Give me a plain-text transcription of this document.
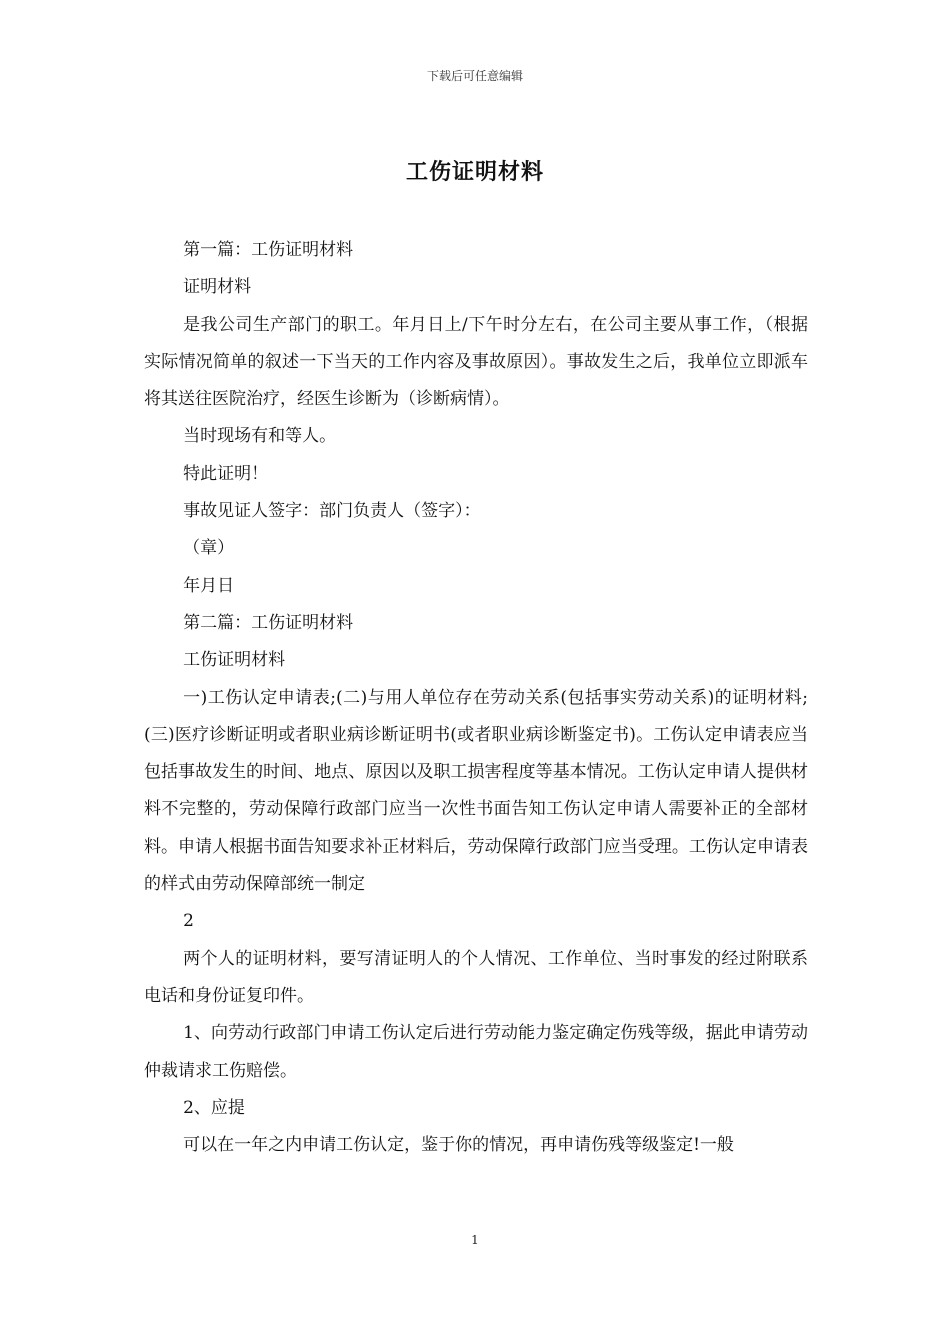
下载后可任意编辑
工伤证明材料

第一篇：工伤证明材料

证明材料

是我公司生产部门的职工。年月日上/下午时分左右，在公司主要从事工作，（根据实际情况简单的叙述一下当天的工作内容及事故原因）。事故发生之后，我单位立即派车将其送往医院治疗，经医生诊断为（诊断病情）。

当时现场有和等人。

特此证明！

事故见证人签字：部门负责人（签字）：

（章）

年月日

第二篇：工伤证明材料

工伤证明材料

一)工伤认定申请表;(二)与用人单位存在劳动关系(包括事实劳动关系)的证明材料;(三)医疗诊断证明或者职业病诊断证明书(或者职业病诊断鉴定书)。工伤认定申请表应当包括事故发生的时间、地点、原因以及职工损害程度等基本情况。工伤认定申请人提供材料不完整的，劳动保障行政部门应当一次性书面告知工伤认定申请人需要补正的全部材料。申请人根据书面告知要求补正材料后，劳动保障行政部门应当受理。工伤认定申请表的样式由劳动保障部统一制定

2

两个人的证明材料，要写清证明人的个人情况、工作单位、当时事发的经过附联系电话和身份证复印件。

1、向劳动行政部门申请工伤认定后进行劳动能力鉴定确定伤残等级，据此申请劳动仲裁请求工伤赔偿。

2、应提

可以在一年之内申请工伤认定，鉴于你的情况，再申请伤残等级鉴定!一般

1
